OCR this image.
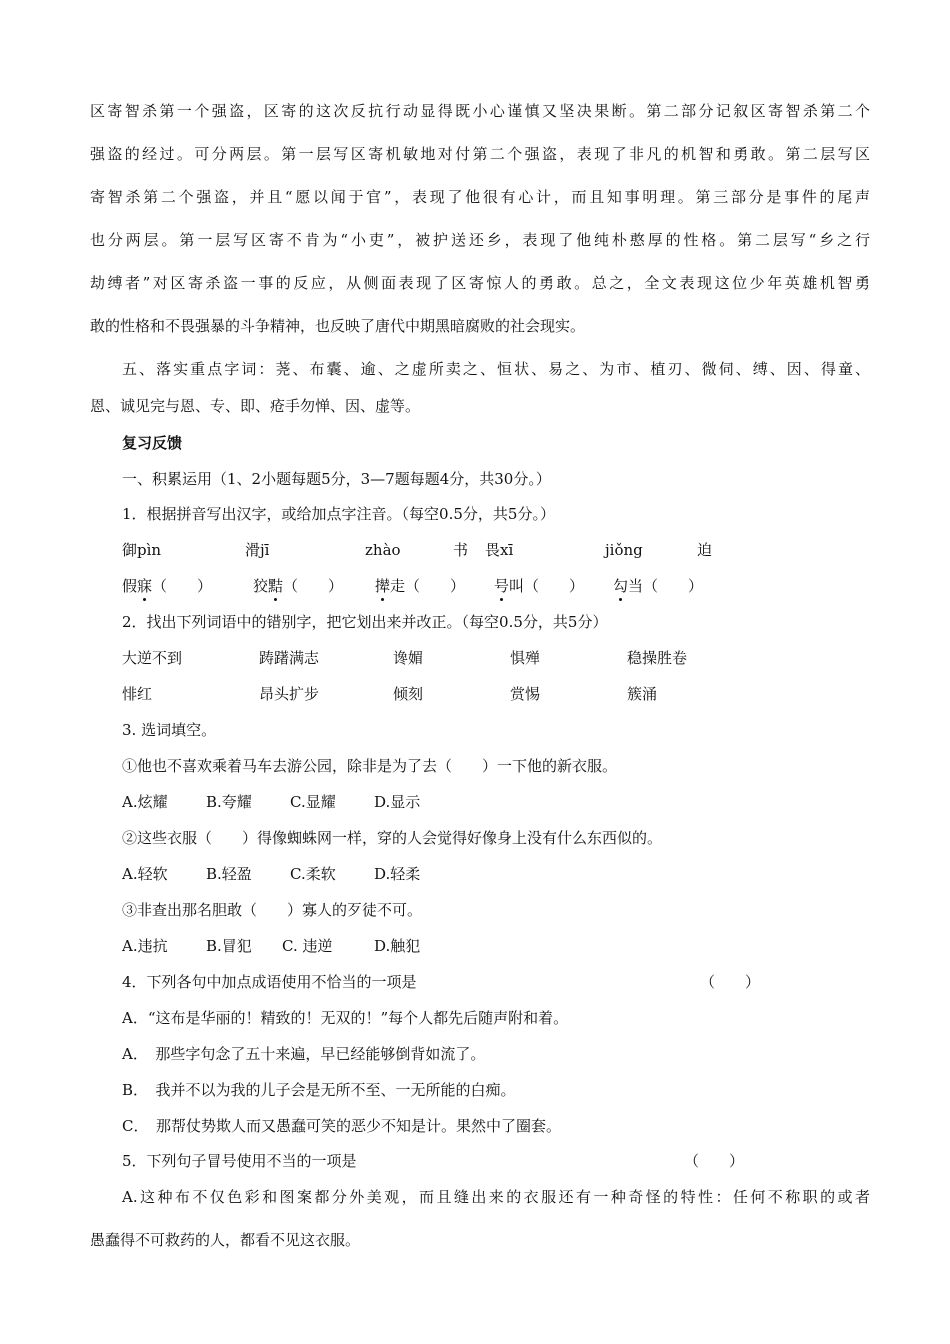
区寄智杀第一个强盗，区寄的这次反抗行动显得既小心谨慎又坚决果断。第二部分记叙区寄智杀第二个
强盗的经过。可分两层。第一层写区寄机敏地对付第二个强盗，表现了非凡的机智和勇敢。第二层写区
寄智杀第二个强盗，并且“愿以闻于官”，表现了他很有心计，而且知事明理。第三部分是事件的尾声
也分两层。第一层写区寄不肯为“小吏”，被护送还乡，表现了他纯朴憨厚的性格。第二层写“乡之行
劫缚者”对区寄杀盗一事的反应，从侧面表现了区寄惊人的勇敢。总之，全文表现这位少年英雄机智勇
敢的性格和不畏强暴的斗争精神，也反映了唐代中期黑暗腐败的社会现实。
五、落实重点字词：荛、布囊、逾、之虚所卖之、恒状、易之、为市、植刃、微伺、缚、因、得童、
恩、诚见完与恩、专、即、疮手勿惮、因、虚等。
复习反馈
一、积累运用（1、2小题每题5分，3—7题每题4分，共30分。）
1．根据拼音写出汉字，或给加点字注音。（每空0.5分，共5分。）
御pìn	滑jī	zhào	书 畏xī	jiǒng	迫
假寐（　　）	狡黠（　　） 撵走（　　） 号叫（　　） 勾当（　　）
2．找出下列词语中的错别字，把它划出来并改正。（每空0.5分，共5分）
大逆不到	踌躇满志	谗媚	惧殚	稳操胜卷
悱红	昂头扩步	倾刻	赏惕	簇涌
3. 选词填空。
①他也不喜欢乘着马车去游公园，除非是为了去（　　）一下他的新衣服。
A.炫耀	B.夸耀	C.显耀	D.显示
②这些衣服（　　）得像蜘蛛网一样，穿的人会觉得好像身上没有什么东西似的。
A.轻软	B.轻盈	C.柔软	D.轻柔
③非查出那名胆敢（　　）寡人的歹徒不可。
A.违抗	B.冒犯 C. 违逆	D.触犯
4．下列各句中加点成语使用不恰当的一项是	（　　）
A．“这布是华丽的！精致的！无双的！”每个人都先后随声附和着。
A．　那些字句念了五十来遍，早已经能够倒背如流了。
B．　我并不以为我的儿子会是无所不至、一无所能的白痴。
C．　那帮仗势欺人而又愚蠢可笑的恶少不知是计。果然中了圈套。
5．下列句子冒号使用不当的一项是	（　　）
A.这种布不仅色彩和图案都分外美观，而且缝出来的衣服还有一种奇怪的特性：任何不称职的或者
愚蠢得不可救药的人，都看不见这衣服。
